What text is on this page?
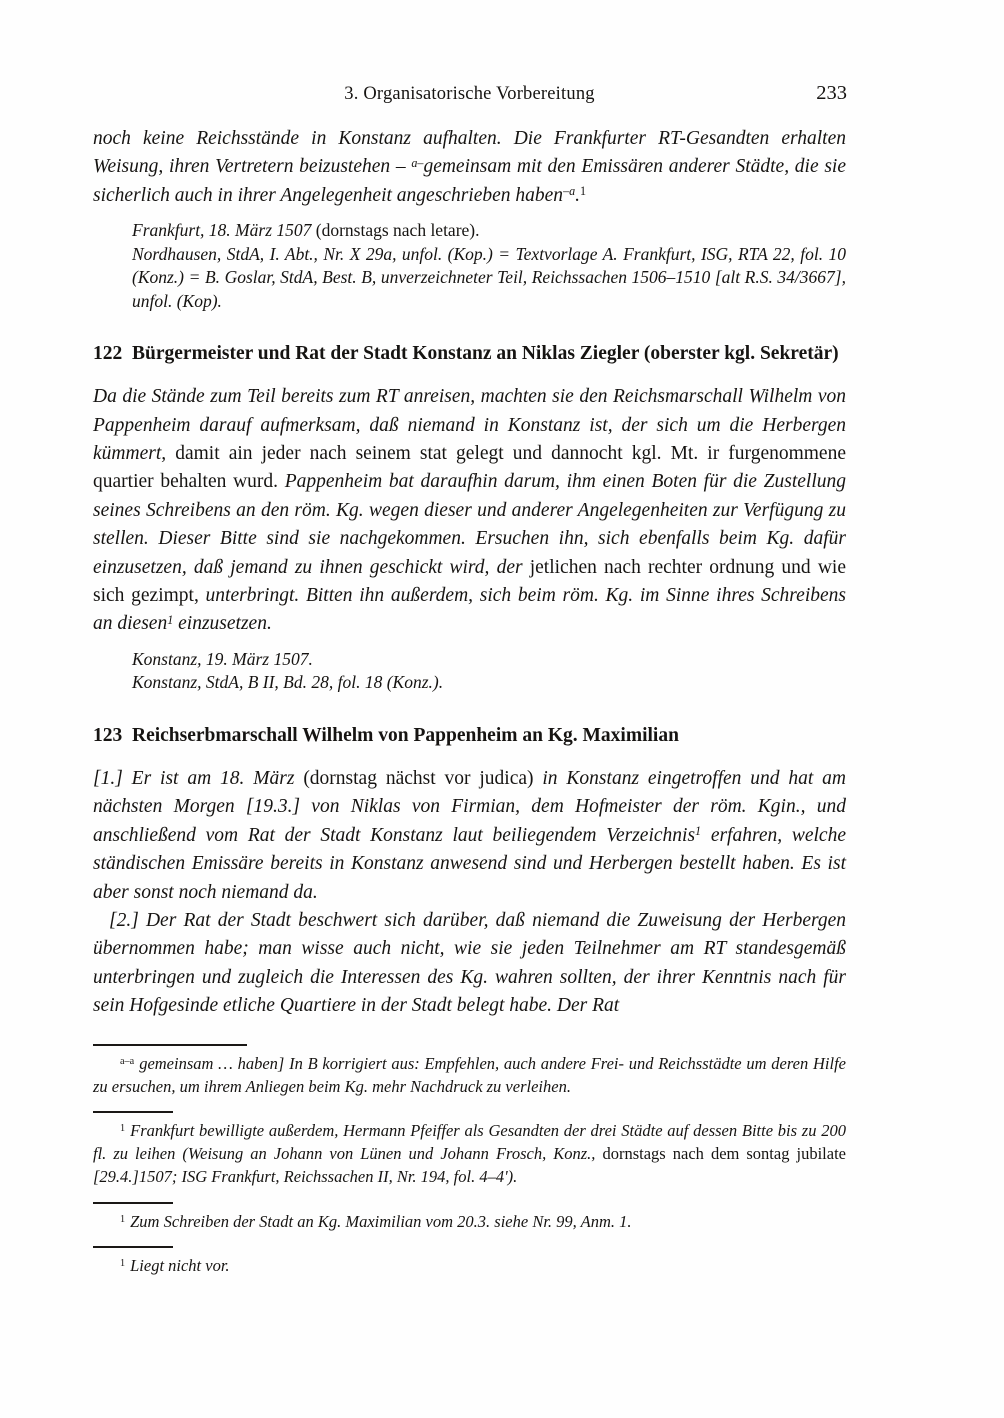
3. Organisatorische Vorbereitung	233

noch keine Reichsstände in Konstanz aufhalten. Die Frankfurter RT-Gesandten erhalten Weisung, ihren Vertretern beizustehen – $^{a-}$gemeinsam mit den Emissären anderer Städte, die sie sicherlich auch in ihrer Angelegenheit angeschrieben haben$^{-a}$.$^1$

Frankfurt, 18. März 1507 (dornstags nach letare).
Nordhausen, StdA, I. Abt., Nr. X 29a, unfol. (Kop.) = Textvorlage A. Frankfurt, ISG, RTA 22, fol. 10 (Konz.) = B. Goslar, StdA, Best. B, unverzeichneter Teil, Reichssachen 1506–1510 [alt R.S. 34/3667], unfol. (Kop).
122 Bürgermeister und Rat der Stadt Konstanz an Niklas Ziegler (oberster kgl. Sekretär)

Da die Stände zum Teil bereits zum RT anreisen, machten sie den Reichsmarschall Wilhelm von Pappenheim darauf aufmerksam, daß niemand in Konstanz ist, der sich um die Herbergen kümmert, damit ain jeder nach seinem stat gelegt und dannocht kgl. Mt. ir furgenommene quartier behalten wurd. Pappenheim bat daraufhin darum, ihm einen Boten für die Zustellung seines Schreibens an den röm. Kg. wegen dieser und anderer Angelegenheiten zur Verfügung zu stellen. Dieser Bitte sind sie nachgekommen. Ersuchen ihn, sich ebenfalls beim Kg. dafür einzusetzen, daß jemand zu ihnen geschickt wird, der jetlichen nach rechter ordnung und wie sich gezimpt, unterbringt. Bitten ihn außerdem, sich beim röm. Kg. im Sinne ihres Schreibens an diesen$^1$ einzusetzen.

Konstanz, 19. März 1507.
Konstanz, StdA, B II, Bd. 28, fol. 18 (Konz.).
123 Reichserbmarschall Wilhelm von Pappenheim an Kg. Maximilian

[1.] Er ist am 18. März (dornstag nächst vor judica) in Konstanz eingetroffen und hat am nächsten Morgen [19.3.] von Niklas von Firmian, dem Hofmeister der röm. Kgin., und anschließend vom Rat der Stadt Konstanz laut beiliegendem Verzeichnis$^1$ erfahren, welche ständischen Emissäre bereits in Konstanz anwesend sind und Herbergen bestellt haben. Es ist aber sonst noch niemand da.

[2.] Der Rat der Stadt beschwert sich darüber, daß niemand die Zuweisung der Herbergen übernommen habe; man wisse auch nicht, wie sie jeden Teilnehmer am RT standesgemäß unterbringen und zugleich die Interessen des Kg. wahren sollten, der ihrer Kenntnis nach für sein Hofgesinde etliche Quartiere in der Stadt belegt habe. Der Rat

$^{a-a}$ gemeinsam … haben] In B korrigiert aus: Empfehlen, auch andere Frei- und Reichsstädte um deren Hilfe zu ersuchen, um ihrem Anliegen beim Kg. mehr Nachdruck zu verleihen.

$^1$ Frankfurt bewilligte außerdem, Hermann Pfeiffer als Gesandten der drei Städte auf dessen Bitte bis zu 200 fl. zu leihen (Weisung an Johann von Lünen und Johann Frosch, Konz., dornstags nach dem sontag jubilate [29.4.]1507; ISG Frankfurt, Reichssachen II, Nr. 194, fol. 4–4').

$^1$ Zum Schreiben der Stadt an Kg. Maximilian vom 20.3. siehe Nr. 99, Anm. 1.

$^1$ Liegt nicht vor.
